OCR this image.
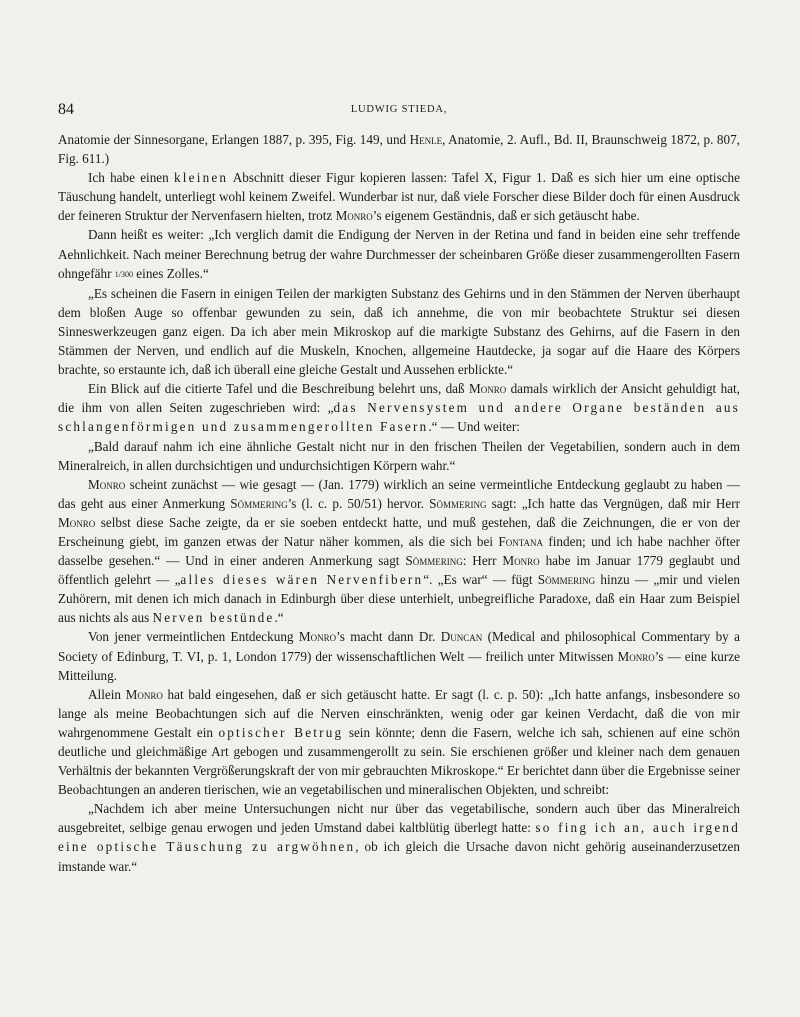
84	LUDWIG STIEDA,

Anatomie der Sinnesorgane, Erlangen 1887, p. 395, Fig. 149, und Henle, Anatomie, 2. Aufl., Bd. II, Braunschweig 1872, p. 807, Fig. 611.)

Ich habe einen kleinen Abschnitt dieser Figur kopieren lassen: Tafel X, Figur 1. Daß es sich hier um eine optische Täuschung handelt, unterliegt wohl keinem Zweifel. Wunderbar ist nur, daß viele Forscher diese Bilder doch für einen Ausdruck der feineren Struktur der Nervenfasern hielten, trotz Monro’s eigenem Geständnis, daß er sich getäuscht habe.

Dann heißt es weiter: „Ich verglich damit die Endigung der Nerven in der Retina und fand in beiden eine sehr treffende Aehnlichkeit. Nach meiner Berechnung betrug der wahre Durchmesser der scheinbaren Größe dieser zusammengerollten Fasern ohngefähr 1/300 eines Zolles.“

„Es scheinen die Fasern in einigen Teilen der markigten Substanz des Gehirns und in den Stämmen der Nerven überhaupt dem bloßen Auge so offenbar gewunden zu sein, daß ich annehme, die von mir beobachtete Struktur sei diesen Sinneswerkzeugen ganz eigen. Da ich aber mein Mikroskop auf die markigte Substanz des Gehirns, auf die Fasern in den Stämmen der Nerven, und endlich auf die Muskeln, Knochen, allgemeine Hautdecke, ja sogar auf die Haare des Körpers brachte, so erstaunte ich, daß ich überall eine gleiche Gestalt und Aussehen erblickte.“

Ein Blick auf die citierte Tafel und die Beschreibung belehrt uns, daß Monro damals wirklich der Ansicht gehuldigt hat, die ihm von allen Seiten zugeschrieben wird: „das Nervensystem und andere Organe beständen aus schlangenförmigen und zusammengerollten Fasern.“ — Und weiter:

„Bald darauf nahm ich eine ähnliche Gestalt nicht nur in den frischen Theilen der Vegetabilien, sondern auch in dem Mineralreich, in allen durchsichtigen und undurchsichtigen Körpern wahr.“

Monro scheint zunächst — wie gesagt — (Jan. 1779) wirklich an seine vermeintliche Entdeckung geglaubt zu haben — das geht aus einer Anmerkung Sömmering’s (l. c. p. 50/51) hervor. Sömmering sagt: „Ich hatte das Vergnügen, daß mir Herr Monro selbst diese Sache zeigte, da er sie soeben entdeckt hatte, und muß gestehen, daß die Zeichnungen, die er von der Erscheinung giebt, im ganzen etwas der Natur näher kommen, als die sich bei Fontana finden; und ich habe nachher öfter dasselbe gesehen.“ — Und in einer anderen Anmerkung sagt Sömmering: Herr Monro habe im Januar 1779 geglaubt und öffentlich gelehrt — „alles dieses wären Nervenfibern“. „Es war“ — fügt Sömmering hinzu — „mir und vielen Zuhörern, mit denen ich mich danach in Edinburgh über diese unterhielt, unbegreifliche Paradoxe, daß ein Haar zum Beispiel aus nichts als aus Nerven bestünde.“

Von jener vermeintlichen Entdeckung Monro’s macht dann Dr. Duncan (Medical and philosophical Commentary by a Society of Edinburg, T. VI, p. 1, London 1779) der wissenschaftlichen Welt — freilich unter Mitwissen Monro’s — eine kurze Mitteilung.

Allein Monro hat bald eingesehen, daß er sich getäuscht hatte. Er sagt (l. c. p. 50): „Ich hatte anfangs, insbesondere so lange als meine Beobachtungen sich auf die Nerven einschränkten, wenig oder gar keinen Verdacht, daß die von mir wahrgenommene Gestalt ein optischer Betrug sein könnte; denn die Fasern, welche ich sah, schienen auf eine schön deutliche und gleichmäßige Art gebogen und zusammengerollt zu sein. Sie erschienen größer und kleiner nach dem genauen Verhältnis der bekannten Vergrößerungskraft der von mir gebrauchten Mikroskope.“ Er berichtet dann über die Ergebnisse seiner Beobachtungen an anderen tierischen, wie an vegetabilischen und mineralischen Objekten, und schreibt:

„Nachdem ich aber meine Untersuchungen nicht nur über das vegetabilische, sondern auch über das Mineralreich ausgebreitet, selbige genau erwogen und jeden Umstand dabei kaltblütig überlegt hatte: so fing ich an, auch irgend eine optische Täuschung zu argwöhnen, ob ich gleich die Ursache davon nicht gehörig auseinanderzusetzen imstande war.“
